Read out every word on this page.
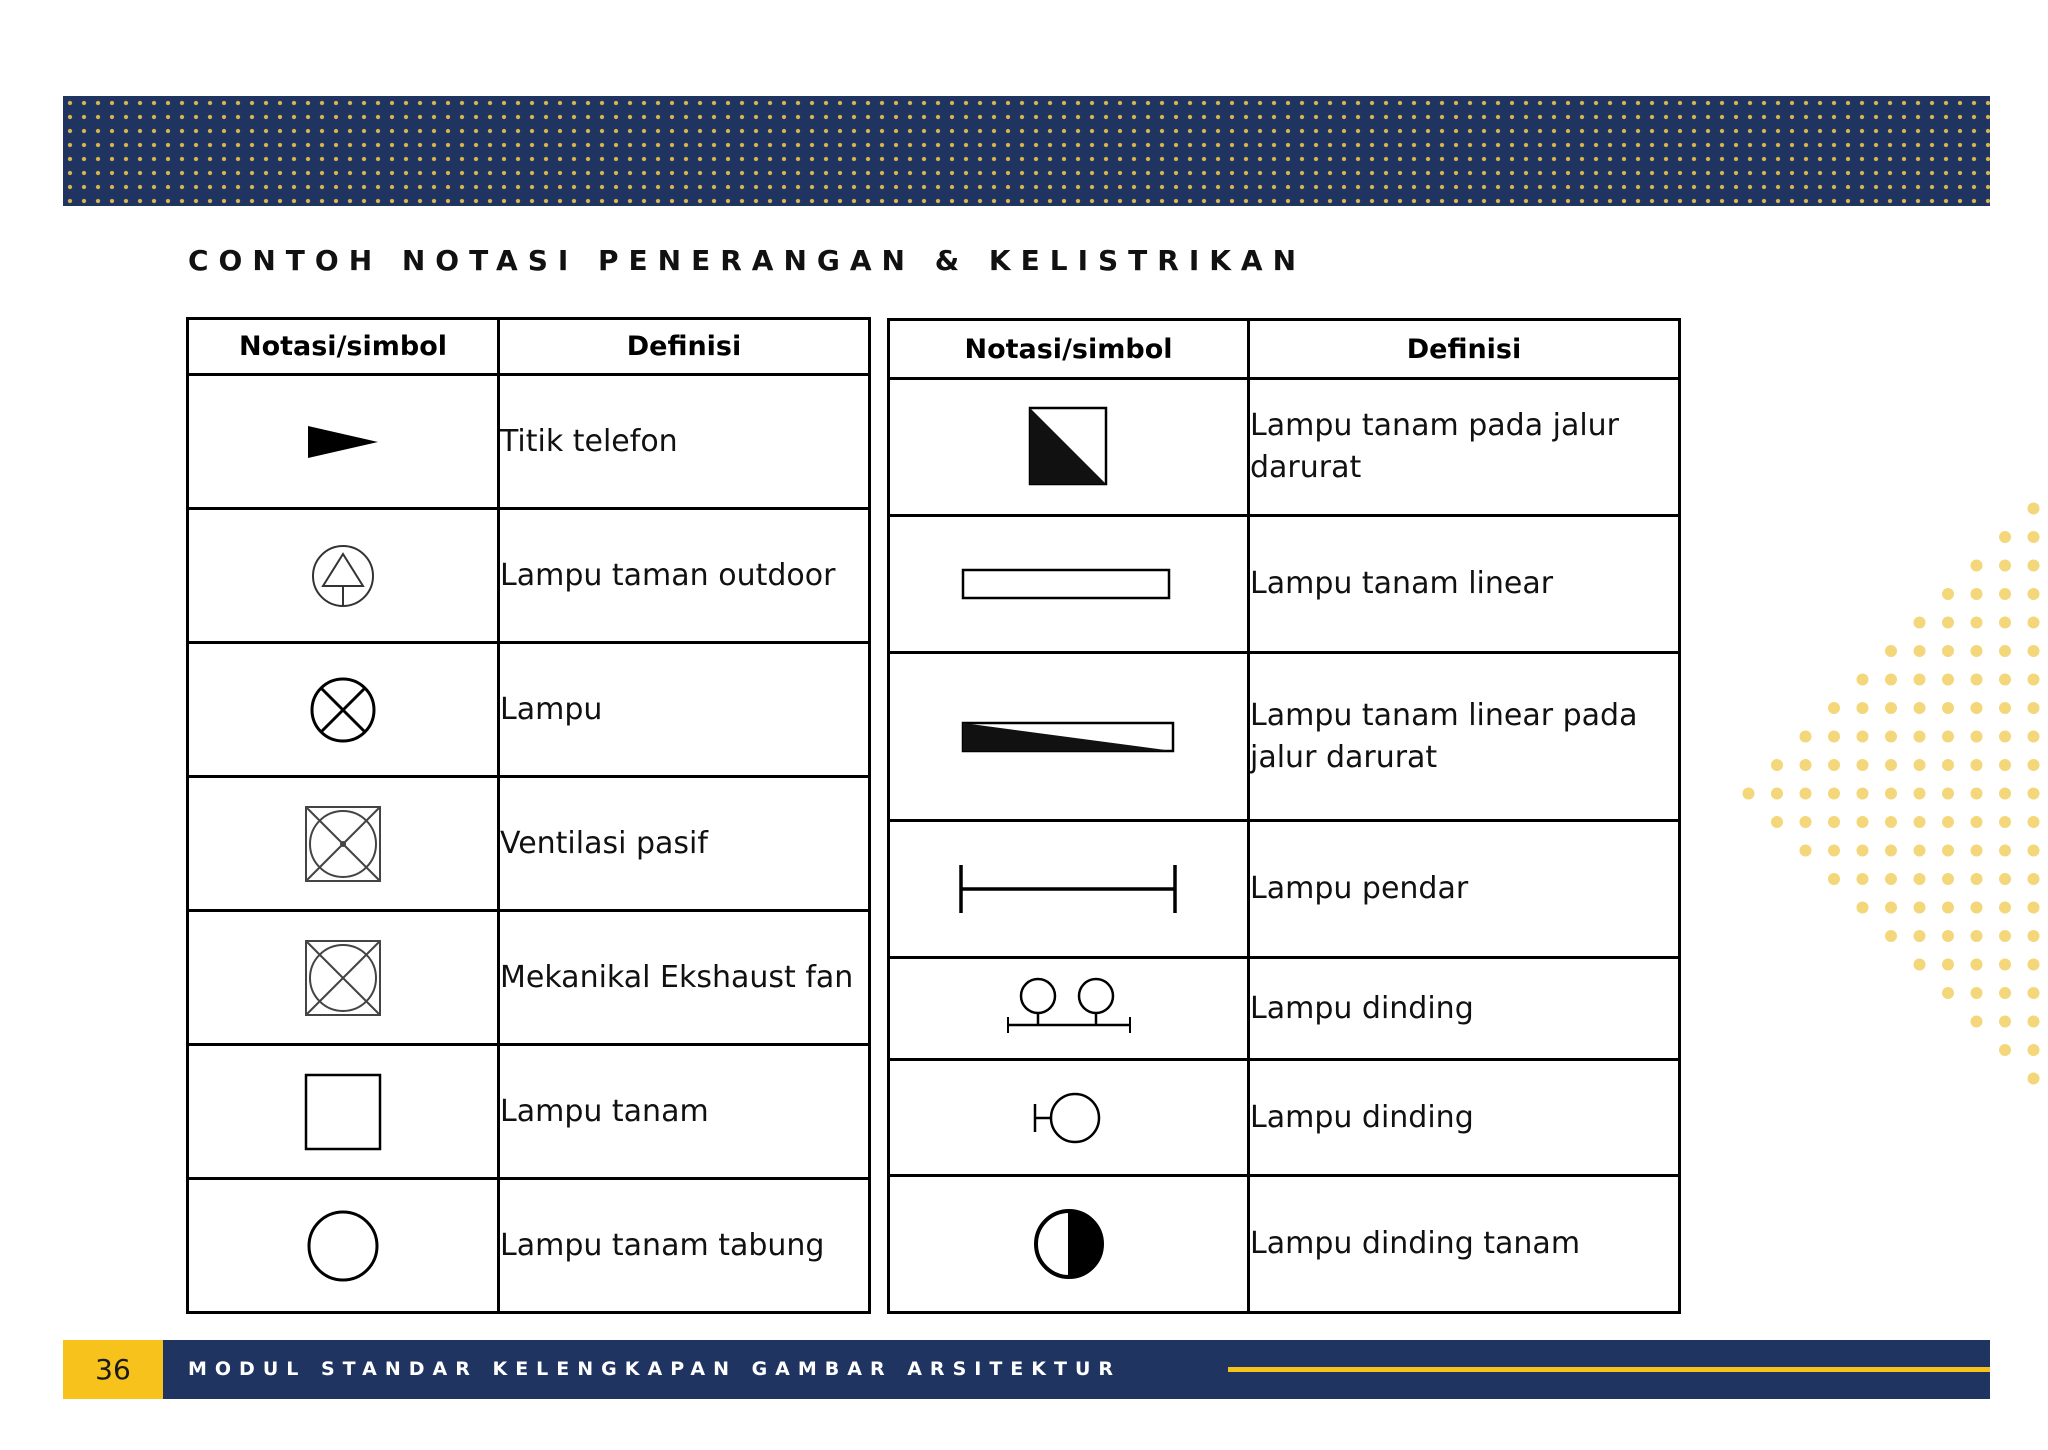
CONTOH NOTASI PENERANGAN & KELISTRIKAN
Notasi/simbol	Definisi
	Titik telefon
	Lampu taman outdoor
	Lampu
	Ventilasi pasif
	Mekanikal Ekshaust fan
	Lampu tanam
	Lampu tanam tabung
Notasi/simbol	Definisi
	Lampu tanam pada jalur darurat
	Lampu tanam linear
	Lampu tanam linear pada jalur darurat
	Lampu pendar
	Lampu dinding
	Lampu dinding
	Lampu dinding tanam
36	MODUL STANDAR KELENGKAPAN GAMBAR ARSITEKTUR
